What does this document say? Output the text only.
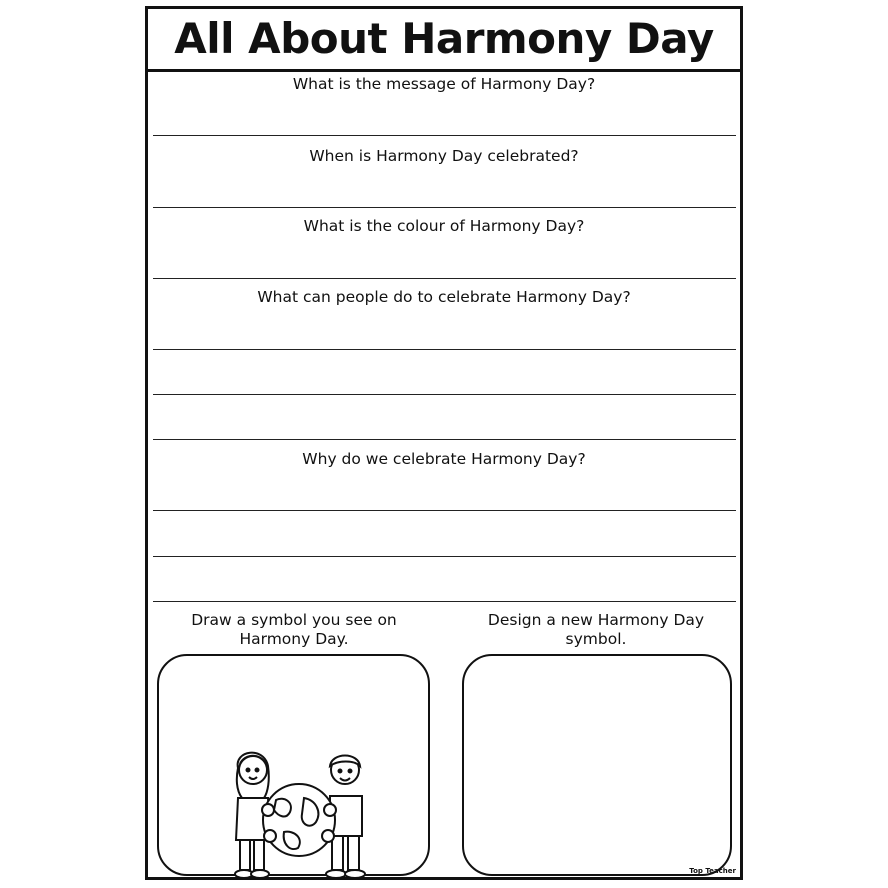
All About Harmony Day
What is the message of Harmony Day?
When is Harmony Day celebrated?
What is the colour of Harmony Day?
What can people do to celebrate Harmony Day?
Why do we celebrate Harmony Day?
Draw a symbol you see on
Harmony Day.
Design a new Harmony Day
symbol.
Top Teacher
